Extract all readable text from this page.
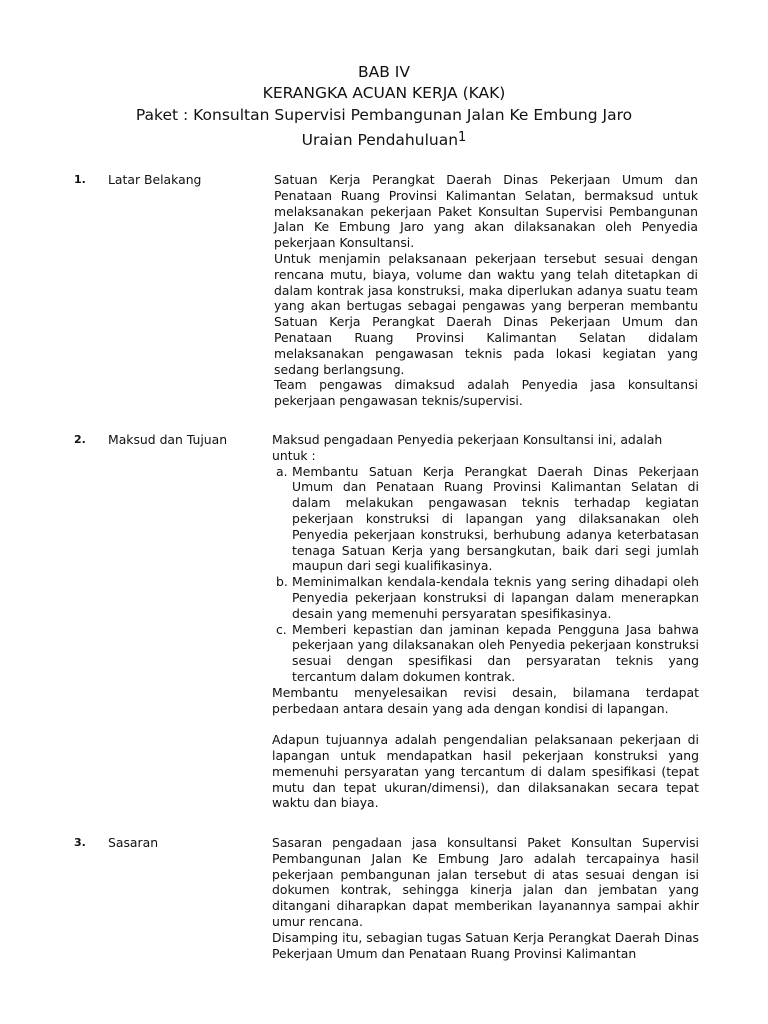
BAB IV
KERANGKA ACUAN KERJA (KAK)
Paket : Konsultan Supervisi Pembangunan Jalan Ke Embung Jaro
Uraian Pendahuluan$^1$
1. Latar Belakang	Satuan Kerja Perangkat Daerah Dinas Pekerjaan Umum dan Penataan Ruang Provinsi Kalimantan Selatan, bermaksud untuk melaksanakan pekerjaan Paket Konsultan Supervisi Pembangunan Jalan Ke Embung Jaro yang akan dilaksanakan oleh Penyedia pekerjaan Konsultansi.

Untuk menjamin pelaksanaan pekerjaan tersebut sesuai dengan rencana mutu, biaya, volume dan waktu yang telah ditetapkan di dalam kontrak jasa konstruksi, maka diperlukan adanya suatu team yang akan bertugas sebagai pengawas yang berperan membantu Satuan Kerja Perangkat Daerah Dinas Pekerjaan Umum dan Penataan Ruang Provinsi Kalimantan Selatan didalam melaksanakan pengawasan teknis pada lokasi kegiatan yang sedang berlangsung.

Team pengawas dimaksud adalah Penyedia jasa konsultansi pekerjaan pengawasan teknis/supervisi.

2. Maksud dan Tujuan	Maksud pengadaan Penyedia pekerjaan Konsultansi ini, adalah untuk :

a. Membantu Satuan Kerja Perangkat Daerah Dinas Pekerjaan Umum dan Penataan Ruang Provinsi Kalimantan Selatan di dalam melakukan pengawasan teknis terhadap kegiatan pekerjaan konstruksi di lapangan yang dilaksanakan oleh Penyedia pekerjaan konstruksi, berhubung adanya keterbatasan tenaga Satuan Kerja yang bersangkutan, baik dari segi jumlah maupun dari segi kualifikasinya.
b. Meminimalkan kendala-kendala teknis yang sering dihadapi oleh Penyedia pekerjaan konstruksi di lapangan dalam menerapkan desain yang memenuhi persyaratan spesifikasinya.
c. Memberi kepastian dan jaminan kepada Pengguna Jasa bahwa pekerjaan yang dilaksanakan oleh Penyedia pekerjaan konstruksi sesuai dengan spesifikasi dan persyaratan teknis yang tercantum dalam dokumen kontrak.

Membantu menyelesaikan revisi desain, bilamana terdapat perbedaan antara desain yang ada dengan kondisi di lapangan.

Adapun tujuannya adalah pengendalian pelaksanaan pekerjaan di lapangan untuk mendapatkan hasil pekerjaan konstruksi yang memenuhi persyaratan yang tercantum di dalam spesifikasi (tepat mutu dan tepat ukuran/dimensi), dan dilaksanakan secara tepat waktu dan biaya.

3. Sasaran	Sasaran pengadaan jasa konsultansi Paket Konsultan Supervisi Pembangunan Jalan Ke Embung Jaro adalah tercapainya hasil pekerjaan pembangunan jalan tersebut di atas sesuai dengan isi dokumen kontrak, sehingga kinerja jalan dan jembatan yang ditangani diharapkan dapat memberikan layanannya sampai akhir umur rencana.

Disamping itu, sebagian tugas Satuan Kerja Perangkat Daerah Dinas Pekerjaan Umum dan Penataan Ruang Provinsi Kalimantan
